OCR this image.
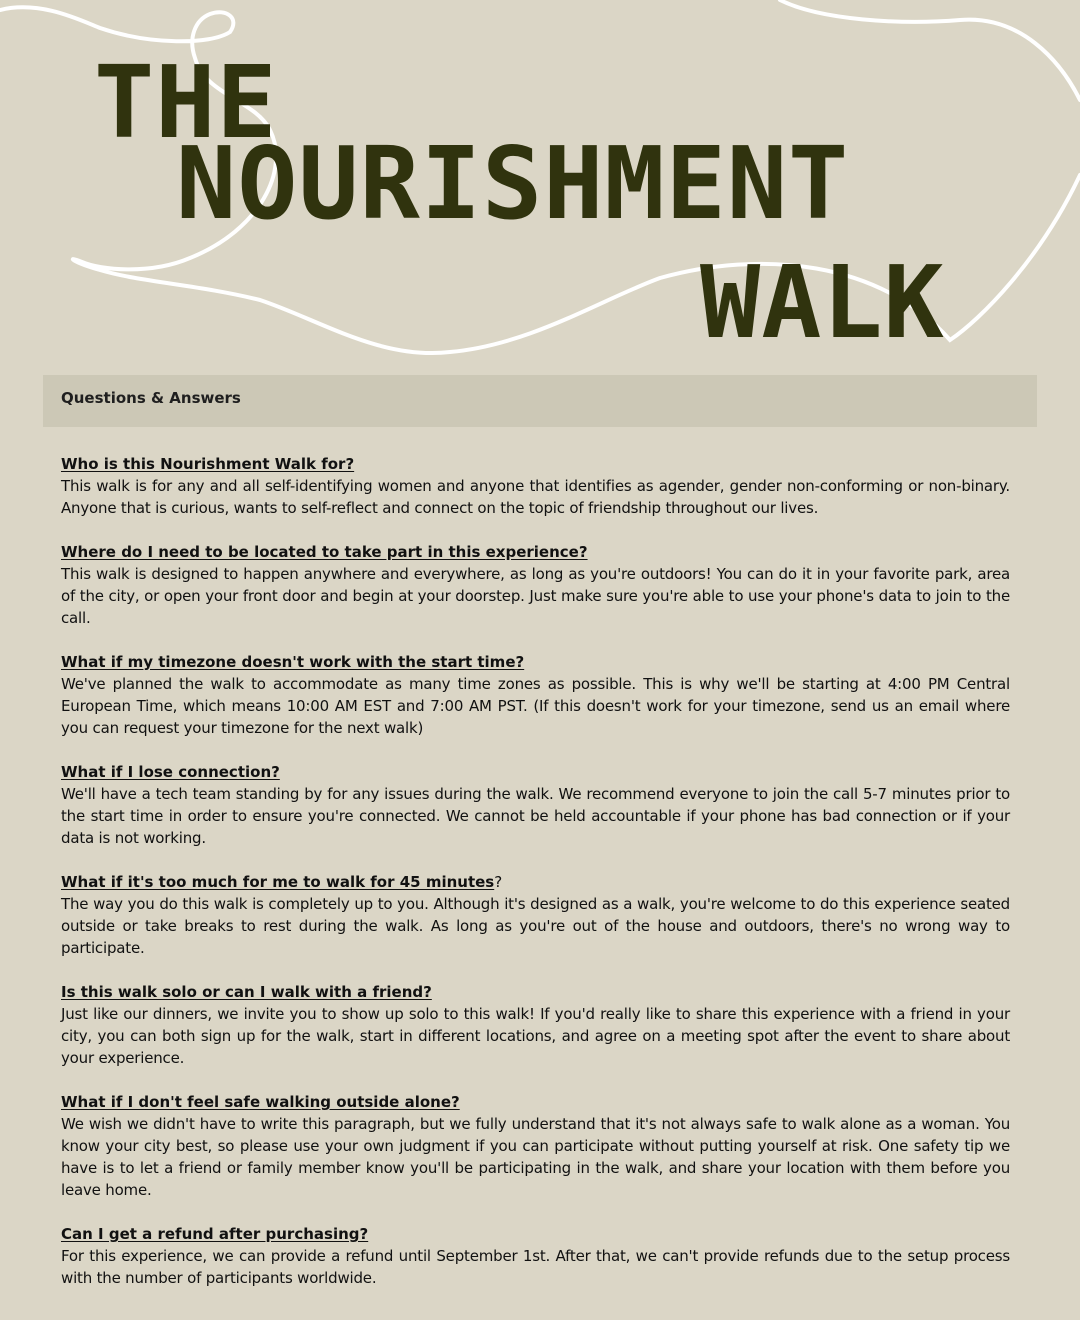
THE
NOURISHMENT
WALK
Questions & Answers

Who is this Nourishment Walk for?

This walk is for any and all self-identifying women and anyone that identifies as agender, gender non-conforming or non-binary. Anyone that is curious, wants to self-reflect and connect on the topic of friendship throughout our lives.

Where do I need to be located to take part in this experience?

This walk is designed to happen anywhere and everywhere, as long as you're outdoors! You can do it in your favorite park, area of the city, or open your front door and begin at your doorstep. Just make sure you're able to use your phone's data to join to the call.

What if my timezone doesn't work with the start time?

We've planned the walk to accommodate as many time zones as possible. This is why we'll be starting at 4:00 PM Central European Time, which means 10:00 AM EST and 7:00 AM PST. (If this doesn't work for your timezone, send us an email where you can request your timezone for the next walk)

What if I lose connection?

We'll have a tech team standing by for any issues during the walk. We recommend everyone to join the call 5-7 minutes prior to the start time in order to ensure you're connected. We cannot be held accountable if your phone has bad connection or if your data is not working.

What if it's too much for me to walk for 45 minutes?

The way you do this walk is completely up to you. Although it's designed as a walk, you're welcome to do this experience seated outside or take breaks to rest during the walk. As long as you're out of the house and outdoors, there's no wrong way to participate.

Is this walk solo or can I walk with a friend?

Just like our dinners, we invite you to show up solo to this walk! If you'd really like to share this experience with a friend in your city, you can both sign up for the walk, start in different locations, and agree on a meeting spot after the event to share about your experience.

What if I don't feel safe walking outside alone?

We wish we didn't have to write this paragraph, but we fully understand that it's not always safe to walk alone as a woman. You know your city best, so please use your own judgment if you can participate without putting yourself at risk. One safety tip we have is to let a friend or family member know you'll be participating in the walk, and share your location with them before you leave home.

Can I get a refund after purchasing?

For this experience, we can provide a refund until September 1st. After that, we can't provide refunds due to the setup process with the number of participants worldwide.
